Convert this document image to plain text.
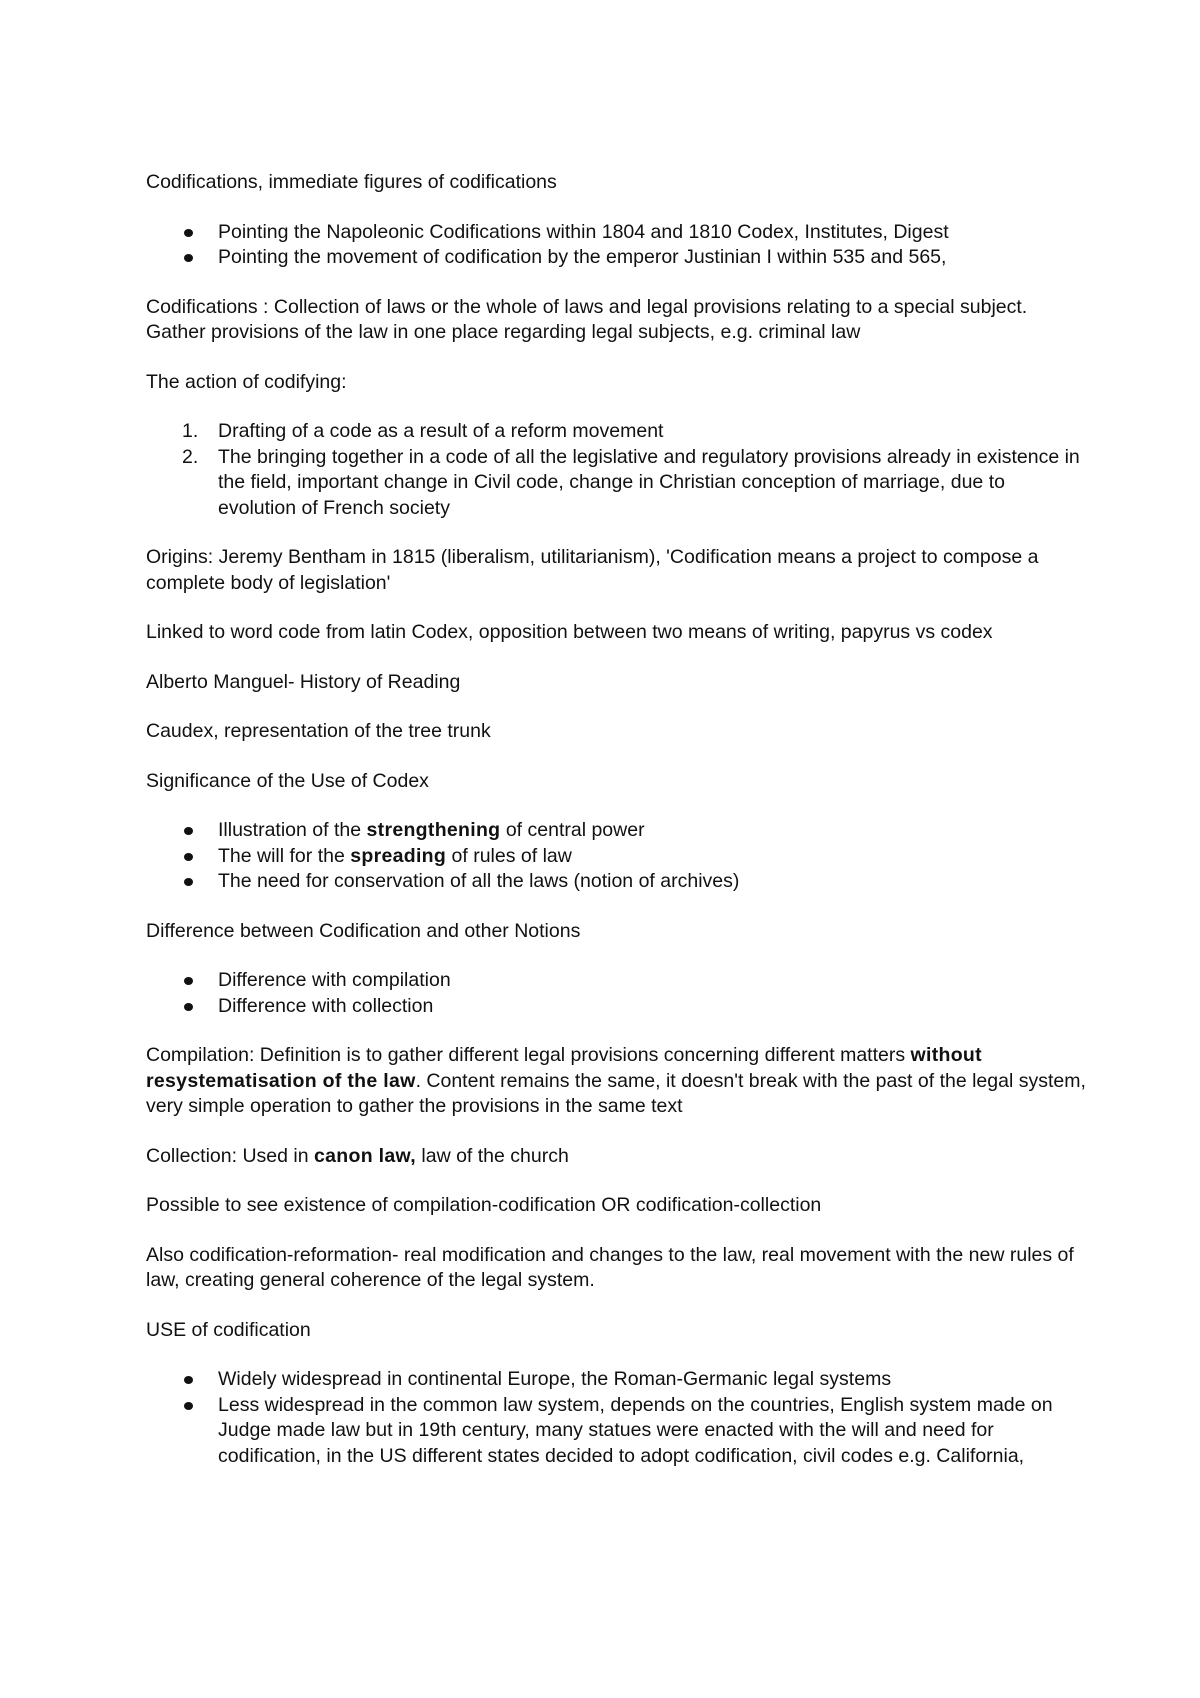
Codifications, immediate figures of codifications

Pointing the Napoleonic Codifications within 1804 and 1810 Codex, Institutes, Digest
Pointing the movement of codification by the emperor Justinian I within 535 and 565,

Codifications : Collection of laws or the whole of laws and legal provisions relating to a special subject. Gather provisions of the law in one place regarding legal subjects, e.g. criminal law

The action of codifying:

1. Drafting of a code as a result of a reform movement
2. The bringing together in a code of all the legislative and regulatory provisions already in existence in the field, important change in Civil code, change in Christian conception of marriage, due to evolution of French society

Origins: Jeremy Bentham in 1815 (liberalism, utilitarianism), 'Codification means a project to compose a complete body of legislation'

Linked to word code from latin Codex, opposition between two means of writing, papyrus vs codex

Alberto Manguel- History of Reading

Caudex, representation of the tree trunk

Significance of the Use of Codex

Illustration of the strengthening of central power
The will for the spreading of rules of law
The need for conservation of all the laws (notion of archives)

Difference between Codification and other Notions

Difference with compilation
Difference with collection

Compilation: Definition is to gather different legal provisions concerning different matters without resystematisation of the law. Content remains the same, it doesn't break with the past of the legal system, very simple operation to gather the provisions in the same text

Collection: Used in canon law, law of the church

Possible to see existence of compilation-codification OR codification-collection

Also codification-reformation- real modification and changes to the law, real movement with the new rules of law, creating general coherence of the legal system.

USE of codification

Widely widespread in continental Europe, the Roman-Germanic legal systems
Less widespread in the common law system, depends on the countries, English system made on Judge made law but in 19th century, many statues were enacted with the will and need for codification, in the US different states decided to adopt codification, civil codes e.g. California,
